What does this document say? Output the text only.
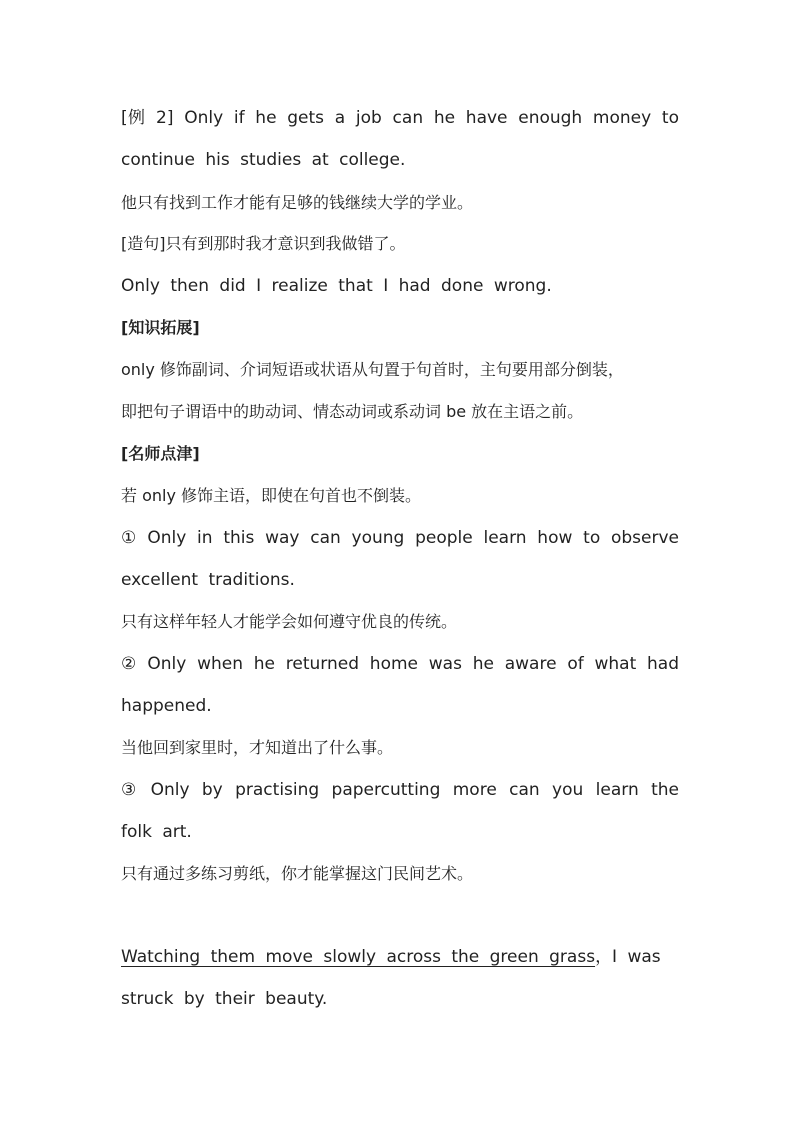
[例 2] Only if he gets a job can he have enough money to
continue his studies at college.
他只有找到工作才能有足够的钱继续大学的学业。
[造句]只有到那时我才意识到我做错了。
Only then did I realize that I had done wrong.
[知识拓展]
only 修饰副词、介词短语或状语从句置于句首时，主句要用部分倒装，
即把句子谓语中的助动词、情态动词或系动词 be 放在主语之前。
[名师点津]
若 only 修饰主语，即使在句首也不倒装。
① Only in this way can young people learn how to observe
excellent traditions.
只有这样年轻人才能学会如何遵守优良的传统。
② Only when he returned home was he aware of what had
happened.
当他回到家里时，才知道出了什么事。
③ Only by practising papercutting more can you learn the
folk art.
只有通过多练习剪纸，你才能掌握这门民间艺术。
Watching them move slowly across the green grass，I was
struck by their beauty.
